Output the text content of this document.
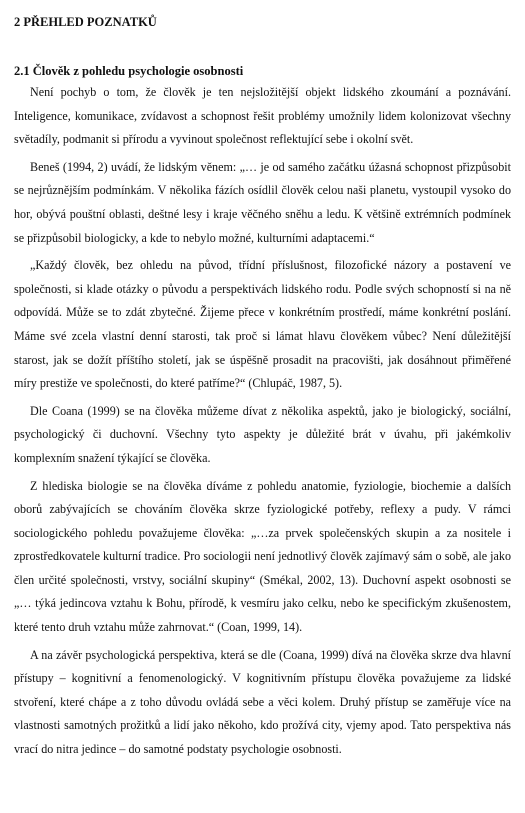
2 PŘEHLED POZNATKŮ
2.1 Člověk z pohledu psychologie osobnosti

Není pochyb o tom, že člověk je ten nejsložitější objekt lidského zkoumání a poznávání. Inteligence, komunikace, zvídavost a schopnost řešit problémy umožnily lidem kolonizovat všechny světadíly, podmanit si přírodu a vyvinout společnost reflektující sebe i okolní svět.

Beneš (1994, 2) uvádí, že lidským věnem: „… je od samého začátku úžasná schopnost přizpůsobit se nejrůznějším podmínkám. V několika fázích osídlil člověk celou naši planetu, vystoupil vysoko do hor, obývá pouštní oblasti, deštné lesy i kraje věčného sněhu a ledu. K většině extrémních podmínek se přizpůsobil biologicky, a kde to nebylo možné, kulturními adaptacemi.“

„Každý člověk, bez ohledu na původ, třídní příslušnost, filozofické názory a postavení ve společnosti, si klade otázky o původu a perspektivách lidského rodu. Podle svých schopností si na ně odpovídá. Může se to zdát zbytečné. Žijeme přece v konkrétním prostředí, máme konkrétní poslání. Máme své zcela vlastní denní starosti, tak proč si lámat hlavu člověkem vůbec? Není důležitější starost, jak se dožít příštího století, jak se úspěšně prosadit na pracovišti, jak dosáhnout přiměřené míry prestiže ve společnosti, do které patříme?“ (Chlupáč, 1987, 5).

Dle Coana (1999) se na člověka můžeme dívat z několika aspektů, jako je biologický, sociální, psychologický či duchovní. Všechny tyto aspekty je důležité brát v úvahu, při jakémkoliv komplexním snažení týkající se člověka.

Z hlediska biologie se na člověka díváme z pohledu anatomie, fyziologie, biochemie a dalších oborů zabývajících se chováním člověka skrze fyziologické potřeby, reflexy a pudy. V rámci sociologického pohledu považujeme člověka: „…za prvek společenských skupin a za nositele i zprostředkovatele kulturní tradice. Pro sociologii není jednotlivý člověk zajímavý sám o sobě, ale jako člen určité společnosti, vrstvy, sociální skupiny“ (Smékal, 2002, 13). Duchovní aspekt osobnosti se „… týká jedincova vztahu k Bohu, přírodě, k vesmíru jako celku, nebo ke specifickým zkušenostem, které tento druh vztahu může zahrnovat.“ (Coan, 1999, 14).

A na závěr psychologická perspektiva, která se dle (Coana, 1999) dívá na člověka skrze dva hlavní přístupy – kognitivní a fenomenologický. V kognitivním přístupu člověka považujeme za lidské stvoření, které chápe a z toho důvodu ovládá sebe a věci kolem. Druhý přístup se zaměřuje více na vlastnosti samotných prožitků a lidí jako někoho, kdo prožívá city, vjemy apod. Tato perspektiva nás vrací do nitra jedince – do samotné podstaty psychologie osobnosti.
